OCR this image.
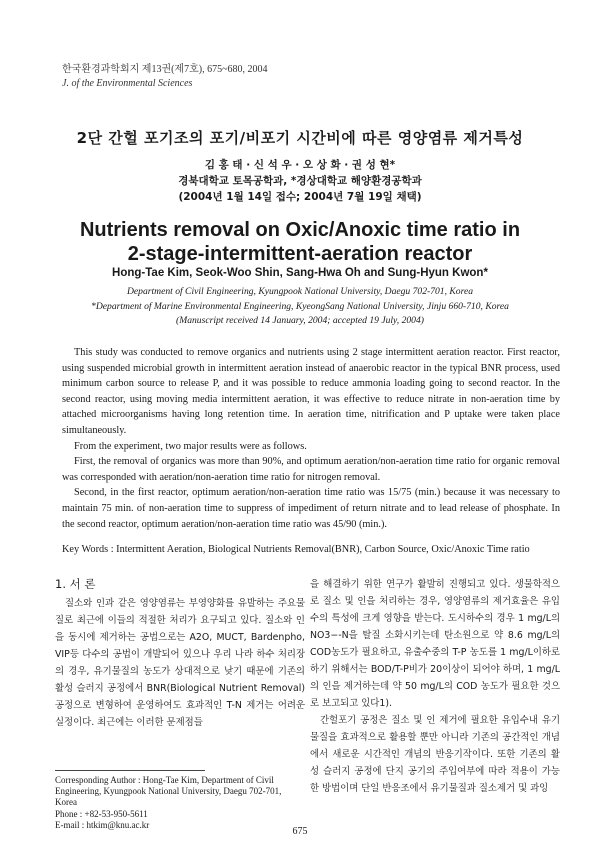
한국환경과학회지 제13권(제7호), 675~680, 2004
J. of the Environmental Sciences
2단 간헐 포기조의 포기/비포기 시간비에 따른 영양염류 제거특성
김 홍 태 · 신 석 우 · 오 상 화 · 권 성 현*
경북대학교 토목공학과, *경상대학교 해양환경공학과
(2004년 1월 14일 접수; 2004년 7월 19일 채택)
Nutrients removal on Oxic/Anoxic time ratio in
2-stage-intermittent-aeration reactor
Hong-Tae Kim, Seok-Woo Shin, Sang-Hwa Oh and Sung-Hyun Kwon*
Department of Civil Engineering, Kyungpook National University, Daegu 702-701, Korea
*Department of Marine Environmental Engineering, KyeongSang National University, Jinju 660-710, Korea
(Manuscript received 14 January, 2004; accepted 19 July, 2004)

This study was conducted to remove organics and nutrients using 2 stage intermittent aeration reactor. First reactor, using suspended microbial growth in intermittent aeration instead of anaerobic reactor in the typical BNR process, used minimum carbon source to release P, and it was possible to reduce ammonia loading going to second reactor. In the second reactor, using moving media intermittent aeration, it was effective to reduce nitrate in non-aeration time by attached microorganisms having long retention time. In aeration time, nitrification and P uptake were taken place simultaneously.

From the experiment, two major results were as follows.

First, the removal of organics was more than 90%, and optimum aeration/non-aeration time ratio for organic removal was corresponded with aeration/non-aeration time ratio for nitrogen removal.

Second, in the first reactor, optimum aeration/non-aeration time ratio was 15/75 (min.) because it was necessary to maintain 75 min. of non-aeration time to suppress of impediment of return nitrate and to lead release of phosphate. In the second reactor, optimum aeration/non-aeration time ratio was 45/90 (min.).

Key Words : Intermittent Aeration, Biological Nutrients Removal(BNR), Carbon Source, Oxic/Anoxic Time ratio
1. 서 론

질소와 인과 같은 영양염류는 부영양화를 유발하는 주요물질로 최근에 이들의 적절한 처리가 요구되고 있다. 질소와 인을 동시에 제거하는 공법으로는 A2O, MUCT, Bardenpho, VIP등 다수의 공법이 개발되어 있으나 우리 나라 하수 처리장의 경우, 유기물질의 농도가 상대적으로 낮기 때문에 기존의 활성 슬러지 공정에서 BNR(Biological Nutrient Removal)공정으로 변형하여 운영하여도 효과적인 T-N 제거는 어려운 실정이다. 최근에는 이러한 문제점들

을 해결하기 위한 연구가 활발히 진행되고 있다. 생물학적으로 질소 및 인을 처리하는 경우, 영양염류의 제거효율은 유입수의 특성에 크게 영향을 받는다. 도시하수의 경우 1 mg/L의 NO3−-N을 탈질 소화시키는데 탄소원으로 약 8.6 mg/L의 COD농도가 필요하고, 유출수중의 T-P 농도를 1 mg/L이하로 하기 위해서는 BOD/T-P비가 20이상이 되어야 하며, 1 mg/L의 인을 제거하는데 약 50 mg/L의 COD 농도가 필요한 것으로 보고되고 있다1).

간헐포기 공정은 질소 및 인 제거에 필요한 유입수내 유기물질을 효과적으로 활용할 뿐만 아니라 기존의 공간적인 개념에서 새로운 시간적인 개념의 반응기작이다. 또한 기존의 활성 슬러지 공정에 단지 공기의 주입여부에 따라 적용이 가능한 방법이며 단일 반응조에서 유기물질과 질소제거 및 과잉

Corresponding Author : Hong-Tae Kim, Department of Civil Engineering, Kyungpook National University, Daegu 702-701, Korea
Phone : +82-53-950-5611
E-mail : htkim@knu.ac.kr
675
